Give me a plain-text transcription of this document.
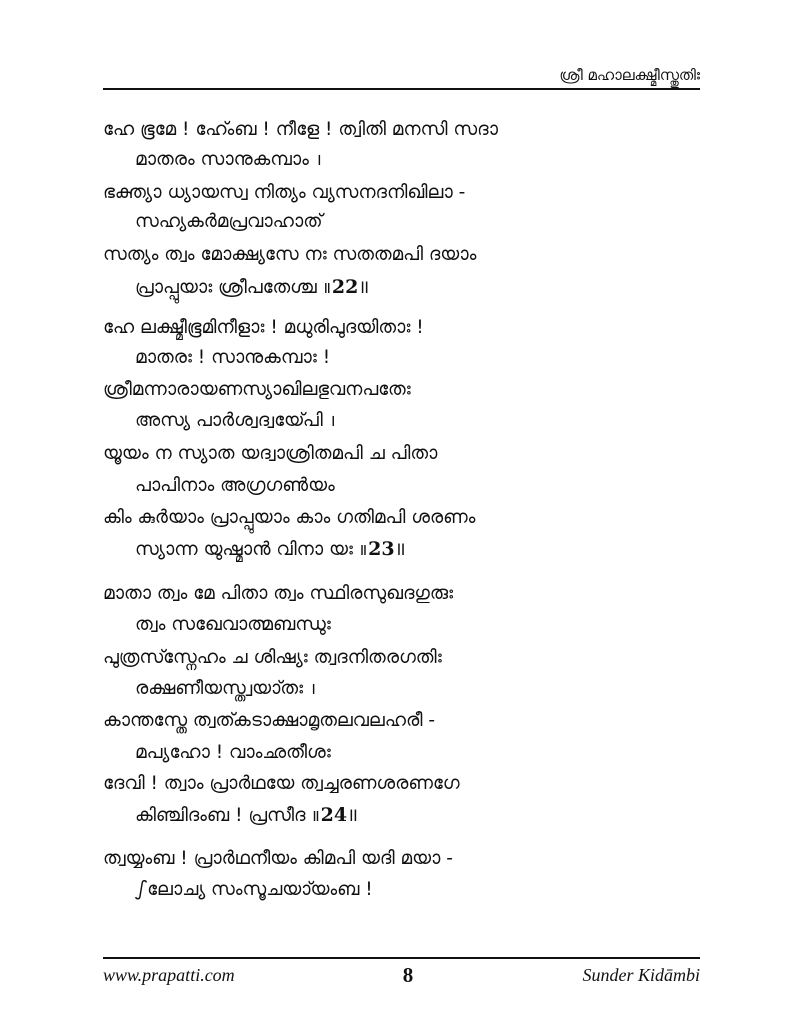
ശ്രീ മഹാലക്ഷ്മീസ്തുതിഃ
ഹേ ഭൂമേ ! ഹേ്ംബ ! നീളേ ! ത്വിതി മനസി സദാ
മാതരം സാനുകമ്പാം ।
ഭക്ത്യാ ധ്യായസ്വ നിത്യം വ്യസനദനിഖിലാ -
സഹ്യകർമപ്രവാഹാത്
സത്യം ത്വം മോക്ഷ്യസേ നഃ സതതമപി ദയാം
പ്രാപ്പുയാഃ ശ്രീപതേശ്ച ॥22॥
ഹേ ലക്ഷ്മീഭൂമിനീളാഃ ! മധുരിപുദയിതാഃ !
മാതരഃ ! സാനുകമ്പാഃ !
ശ്രീമന്നാരായണസ്യാഖിലഭുവനപതേഃ
അസ്യ പാർശ്വദ്വയേ്പി ।
യൂയം ന സ്യാത യദ്വാശ്രിതമപി ച പിതാ
പാപിനാം അഗ്രഗൺയം
കിം കുർയാം പ്രാപ്പുയാം കാം ഗതിമപി ശരണം
സ്യാന്ന യുഷ്മാൻ വിനാ യഃ ॥23॥
മാതാ ത്വം മേ പിതാ ത്വം സ്ഥിരസുഖദഗുരുഃ
ത്വം സഖേവാത്മബന്ധുഃ
പുത്രസ്സ്നേഹം ച ശിഷ്യഃ ത്വദനിതരഗതിഃ
രക്ഷണീയസ്ത്വയാ്തഃ ।
കാന്തസ്തേ ത്വത്കടാക്ഷാമൃതലവലഹരീ -
മപ്യഹോ ! വാംഛതീശഃ
ദേവി ! ത്വാം പ്രാർഥയേ ത്വച്ചരണശരണഗേ
കിഞ്ചിദംബ ! പ്രസീദ ॥24॥
ത്വയ്യംബ ! പ്രാർഥനീയം കിമപി യദി മയാ -
ഽലോച്യ സംസൂചയാ്യംബ !
www.prapatti.com	8	Sunder Kidāmbi
